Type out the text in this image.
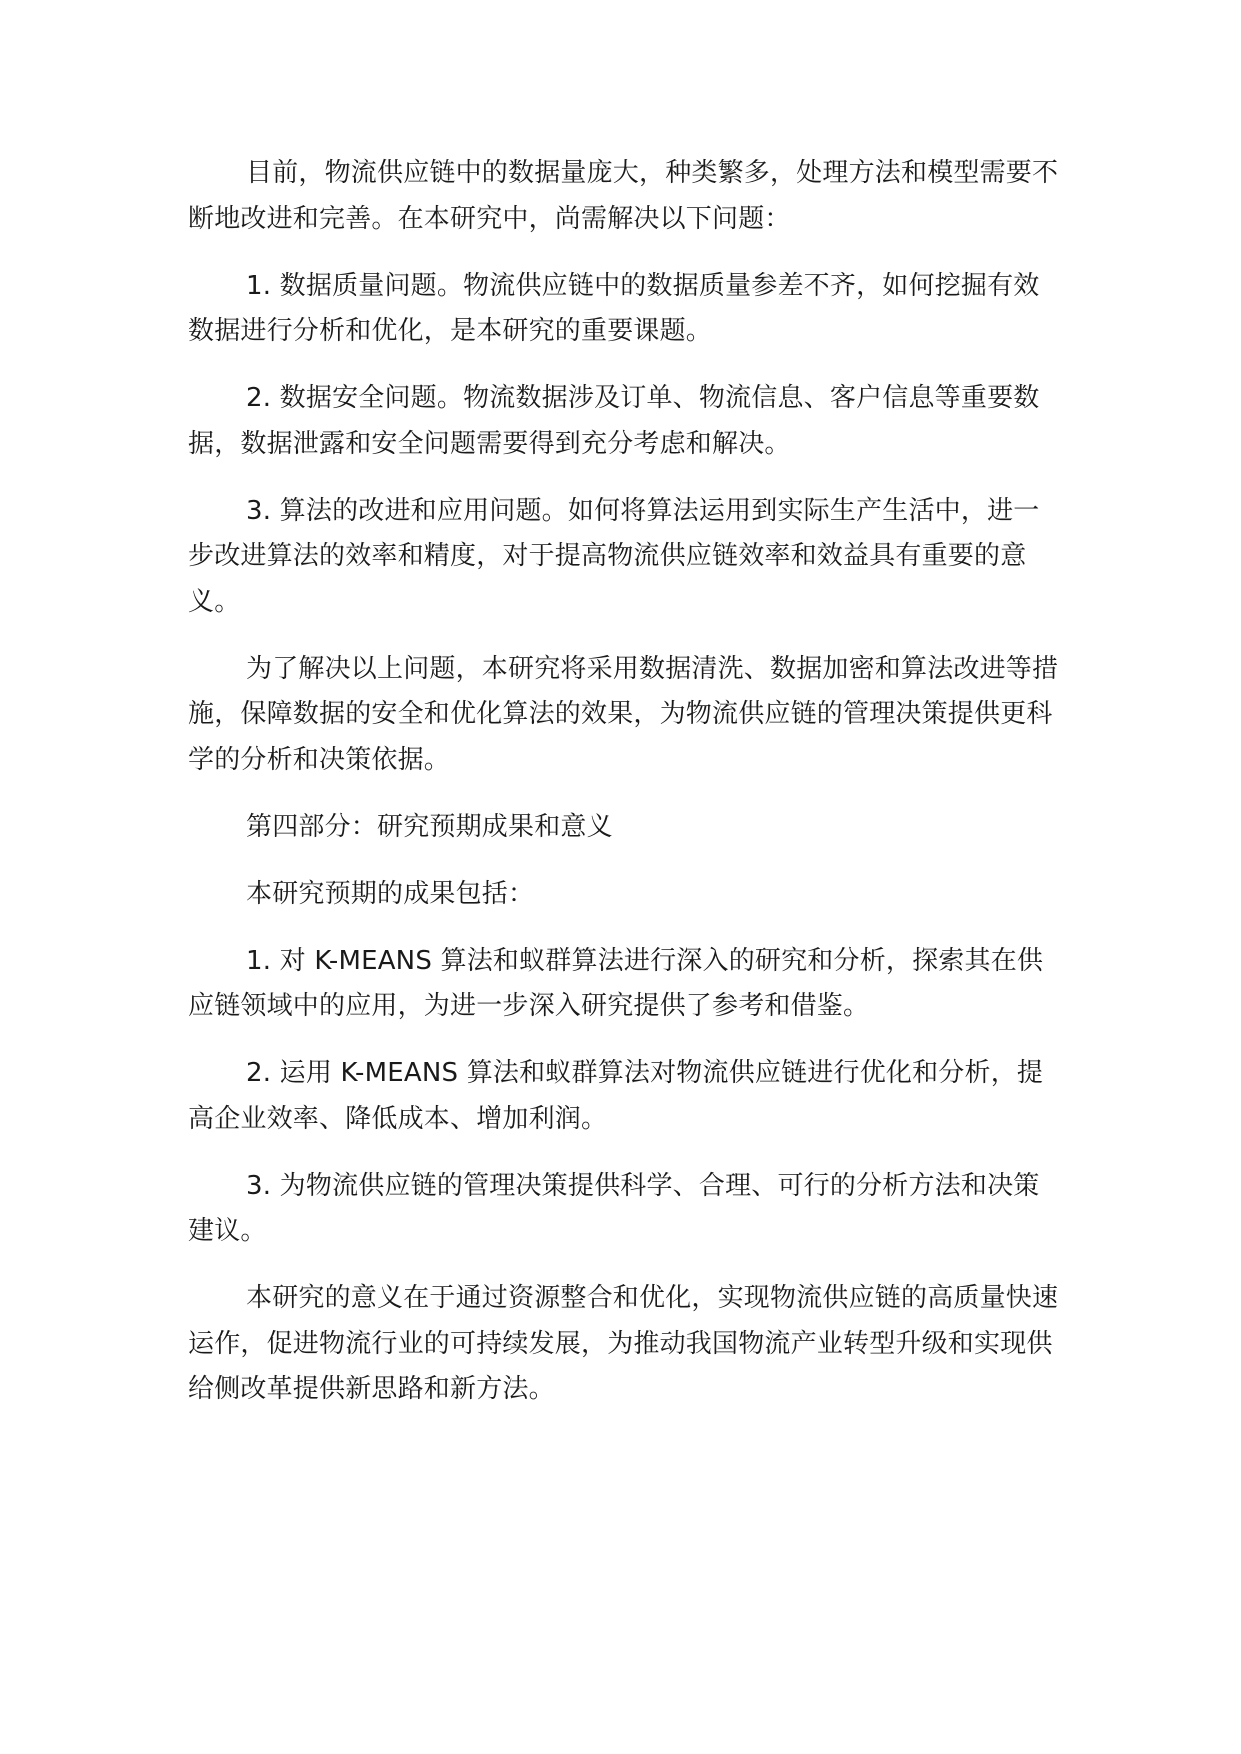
目前，物流供应链中的数据量庞大，种类繁多，处理方法和模型需要不断地改进和完善。在本研究中，尚需解决以下问题：

1. 数据质量问题。物流供应链中的数据质量参差不齐，如何挖掘有效数据进行分析和优化，是本研究的重要课题。

2. 数据安全问题。物流数据涉及订单、物流信息、客户信息等重要数据，数据泄露和安全问题需要得到充分考虑和解决。

3. 算法的改进和应用问题。如何将算法运用到实际生产生活中，进一步改进算法的效率和精度，对于提高物流供应链效率和效益具有重要的意义。

为了解决以上问题，本研究将采用数据清洗、数据加密和算法改进等措施，保障数据的安全和优化算法的效果，为物流供应链的管理决策提供更科学的分析和决策依据。

第四部分：研究预期成果和意义

本研究预期的成果包括：

1. 对 K-MEANS 算法和蚁群算法进行深入的研究和分析，探索其在供应链领域中的应用，为进一步深入研究提供了参考和借鉴。

2. 运用 K-MEANS 算法和蚁群算法对物流供应链进行优化和分析，提高企业效率、降低成本、增加利润。

3. 为物流供应链的管理决策提供科学、合理、可行的分析方法和决策建议。

本研究的意义在于通过资源整合和优化，实现物流供应链的高质量快速运作，促进物流行业的可持续发展，为推动我国物流产业转型升级和实现供给侧改革提供新思路和新方法。
